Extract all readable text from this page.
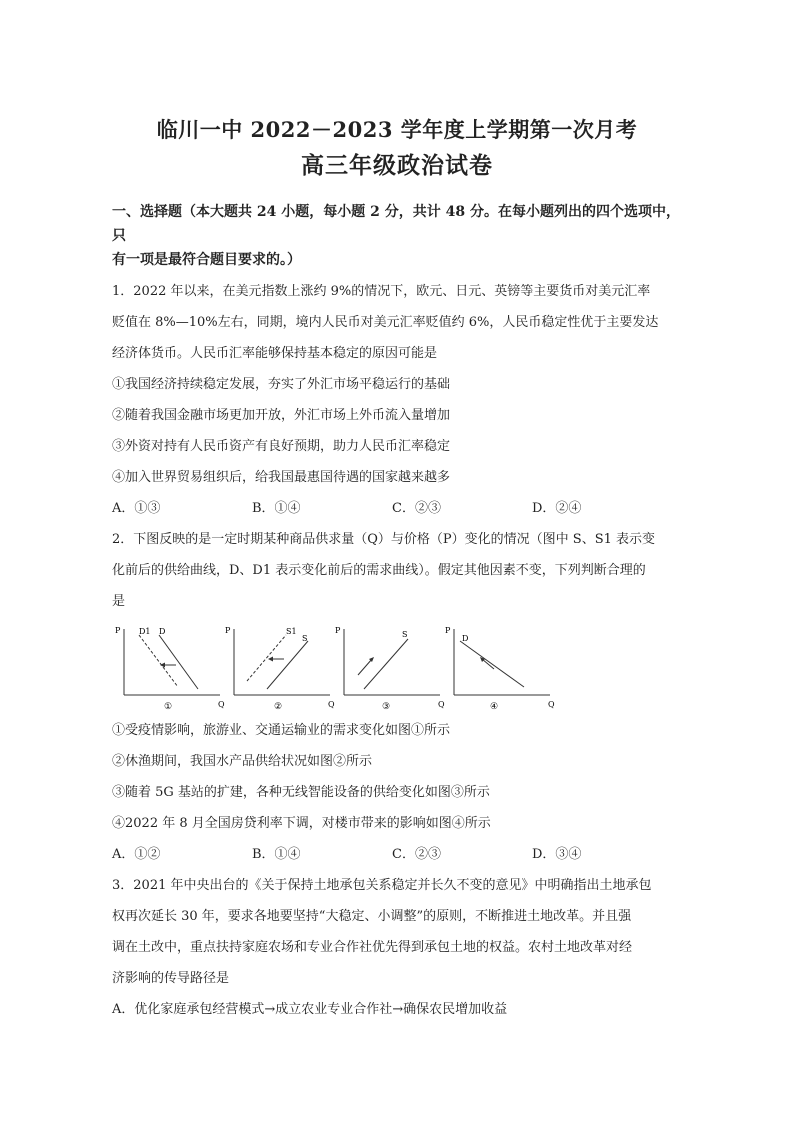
临川一中 2022－2023 学年度上学期第一次月考
高三年级政治试卷
一、选择题（本大题共 24 小题，每小题 2 分，共计 48 分。在每小题列出的四个选项中，只
有一项是最符合题目要求的。）
1．2022 年以来，在美元指数上涨约 9%的情况下，欧元、日元、英镑等主要货币对美元汇率
贬值在 8%—10%左右，同期，境内人民币对美元汇率贬值约 6%，人民币稳定性优于主要发达
经济体货币。人民币汇率能够保持基本稳定的原因可能是
①我国经济持续稳定发展，夯实了外汇市场平稳运行的基础
②随着我国金融市场更加开放，外汇市场上外币流入量增加
③外资对持有人民币资产有良好预期，助力人民币汇率稳定
④加入世界贸易组织后，给我国最惠国待遇的国家越来越多
A．①③	B．①④	C．②③	D．②④
2．下图反映的是一定时期某种商品供求量（Q）与价格（P）变化的情况（图中 S、S1 表示变
化前后的供给曲线，D、D1 表示变化前后的需求曲线）。假定其他因素不变，下列判断合理的
是
P
Q
D1 D
①
P
Q
S1
S
②
P
Q
S
③
P
Q
D
④
①受疫情影响，旅游业、交通运输业的需求变化如图①所示
②休渔期间，我国水产品供给状况如图②所示
③随着 5G 基站的扩建，各种无线智能设备的供给变化如图③所示
④2022 年 8 月全国房贷利率下调，对楼市带来的影响如图④所示
A．①②	B．①④	C．②③	D．③④
3．2021 年中央出台的《关于保持土地承包关系稳定并长久不变的意见》中明确指出土地承包
权再次延长 30 年，要求各地要坚持“大稳定、小调整”的原则，不断推进土地改革。并且强
调在土改中，重点扶持家庭农场和专业合作社优先得到承包土地的权益。农村土地改革对经
济影响的传导路径是
A．优化家庭承包经营模式→成立农业专业合作社→确保农民增加收益
